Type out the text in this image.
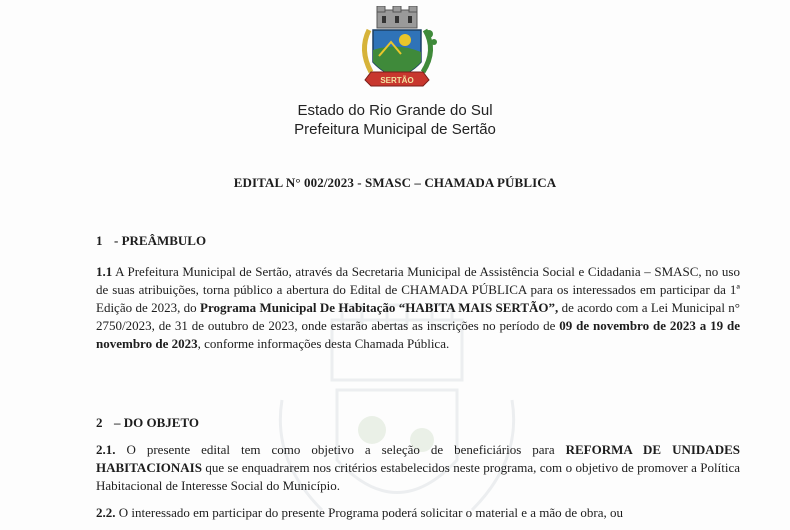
SERTÃO
Estado do Rio Grande do Sul
Prefeitura Municipal de Sertão
EDITAL N° 002/2023 - SMASC – CHAMADA PÚBLICA
1 - PREÂMBULO
1.1 A Prefeitura Municipal de Sertão, através da Secretaria Municipal de Assistência Social e Cidadania – SMASC, no uso de suas atribuições, torna público a abertura do Edital de CHAMADA PÚBLICA para os interessados em participar da 1ª Edição de 2023, do Programa Municipal De Habitação “HABITA MAIS SERTÃO”, de acordo com a Lei Municipal n° 2750/2023, de 31 de outubro de 2023, onde estarão abertas as inscrições no período de 09 de novembro de 2023 a 19 de novembro de 2023, conforme informações desta Chamada Pública.
2 – DO OBJETO
2.1. O presente edital tem como objetivo a seleção de beneficiários para REFORMA DE UNIDADES HABITACIONAIS que se enquadrarem nos critérios estabelecidos neste programa, com o objetivo de promover a Política Habitacional de Interesse Social do Município.
2.2. O interessado em participar do presente Programa poderá solicitar o material e a mão de obra, ou
